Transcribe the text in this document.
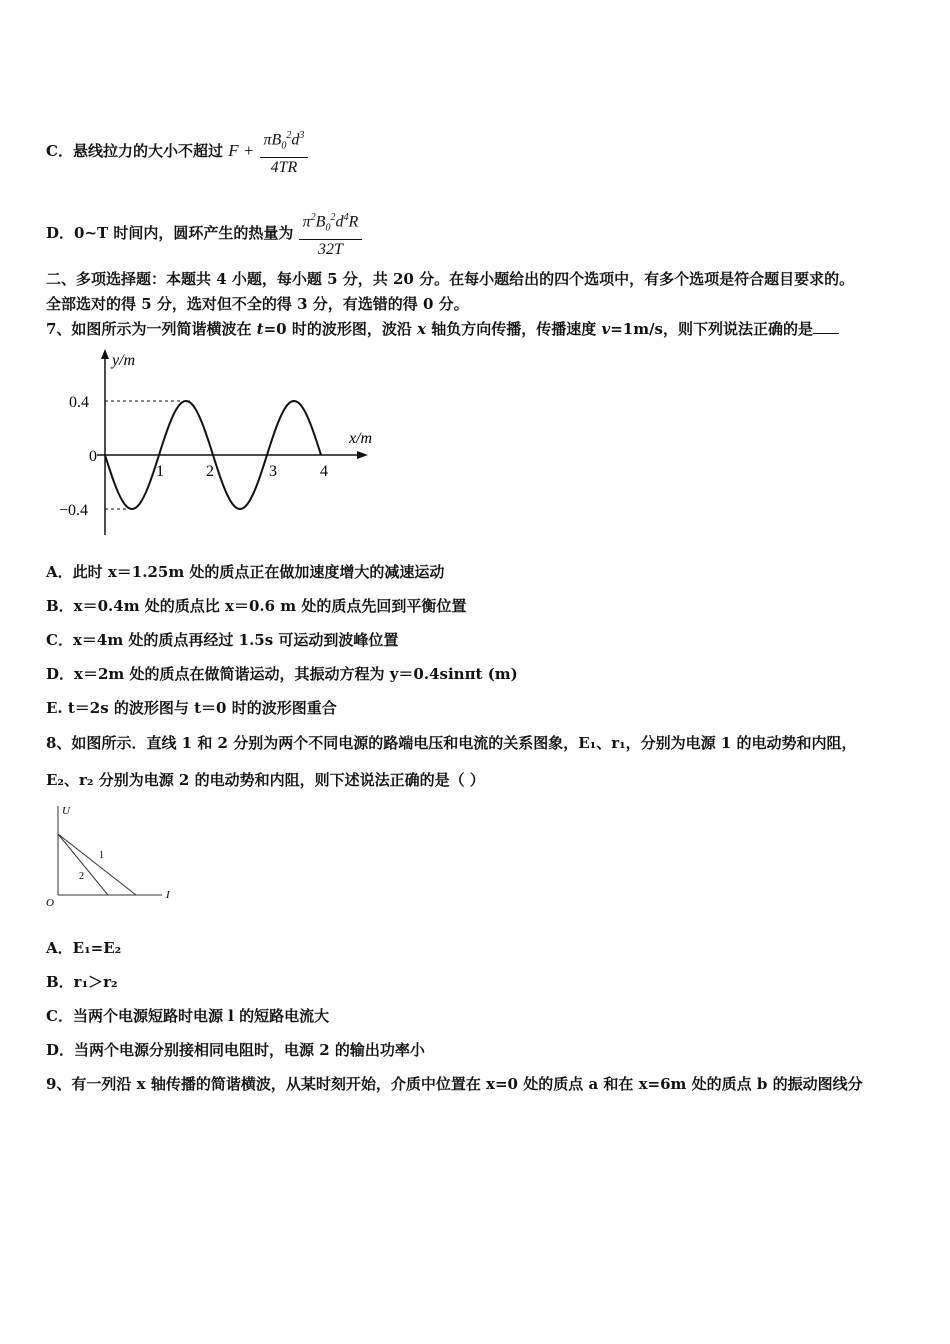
C．悬线拉力的大小不超过 $F + \frac{\pi B_0^2d^3}{4TR}$
D．0~T 时间内，圆环产生的热量为 $\frac{\pi^2B_0^2d^4R}{32T}$
二、多项选择题：本题共 4 小题，每小题 5 分，共 20 分。在每小题给出的四个选项中，有多个选项是符合题目要求的。
全部选对的得 5 分，选对但不全的得 3 分，有选错的得 0 分。
7、如图所示为一列简谐横波在 t=0 时的波形图，波沿 x 轴负方向传播，传播速度 v=1m/s，则下列说法正确的是
y/m
x/m
0.4
0
−0.4
1	2	3	4
A．此时 x＝1.25m 处的质点正在做加速度增大的减速运动
B．x＝0.4m 处的质点比 x＝0.6 m 处的质点先回到平衡位置
C．x＝4m 处的质点再经过 1.5s 可运动到波峰位置
D．x＝2m 处的质点在做简谐运动，其振动方程为 y＝0.4sinπt (m)
E. t＝2s 的波形图与 t＝0 时的波形图重合
8、如图所示．直线 1 和 2 分别为两个不同电源的路端电压和电流的关系图象，E₁、r₁，分别为电源 1 的电动势和内阻，
E₂、r₂ 分别为电源 2 的电动势和内阻，则下述说法正确的是（ ）
U
I
O
1
2
A．E₁=E₂
B．r₁＞r₂
C．当两个电源短路时电源 l 的短路电流大
D．当两个电源分别接相同电阻时，电源 2 的输出功率小
9、有一列沿 x 轴传播的简谐横波，从某时刻开始，介质中位置在 x=0 处的质点 a 和在 x=6m 处的质点 b 的振动图线分
